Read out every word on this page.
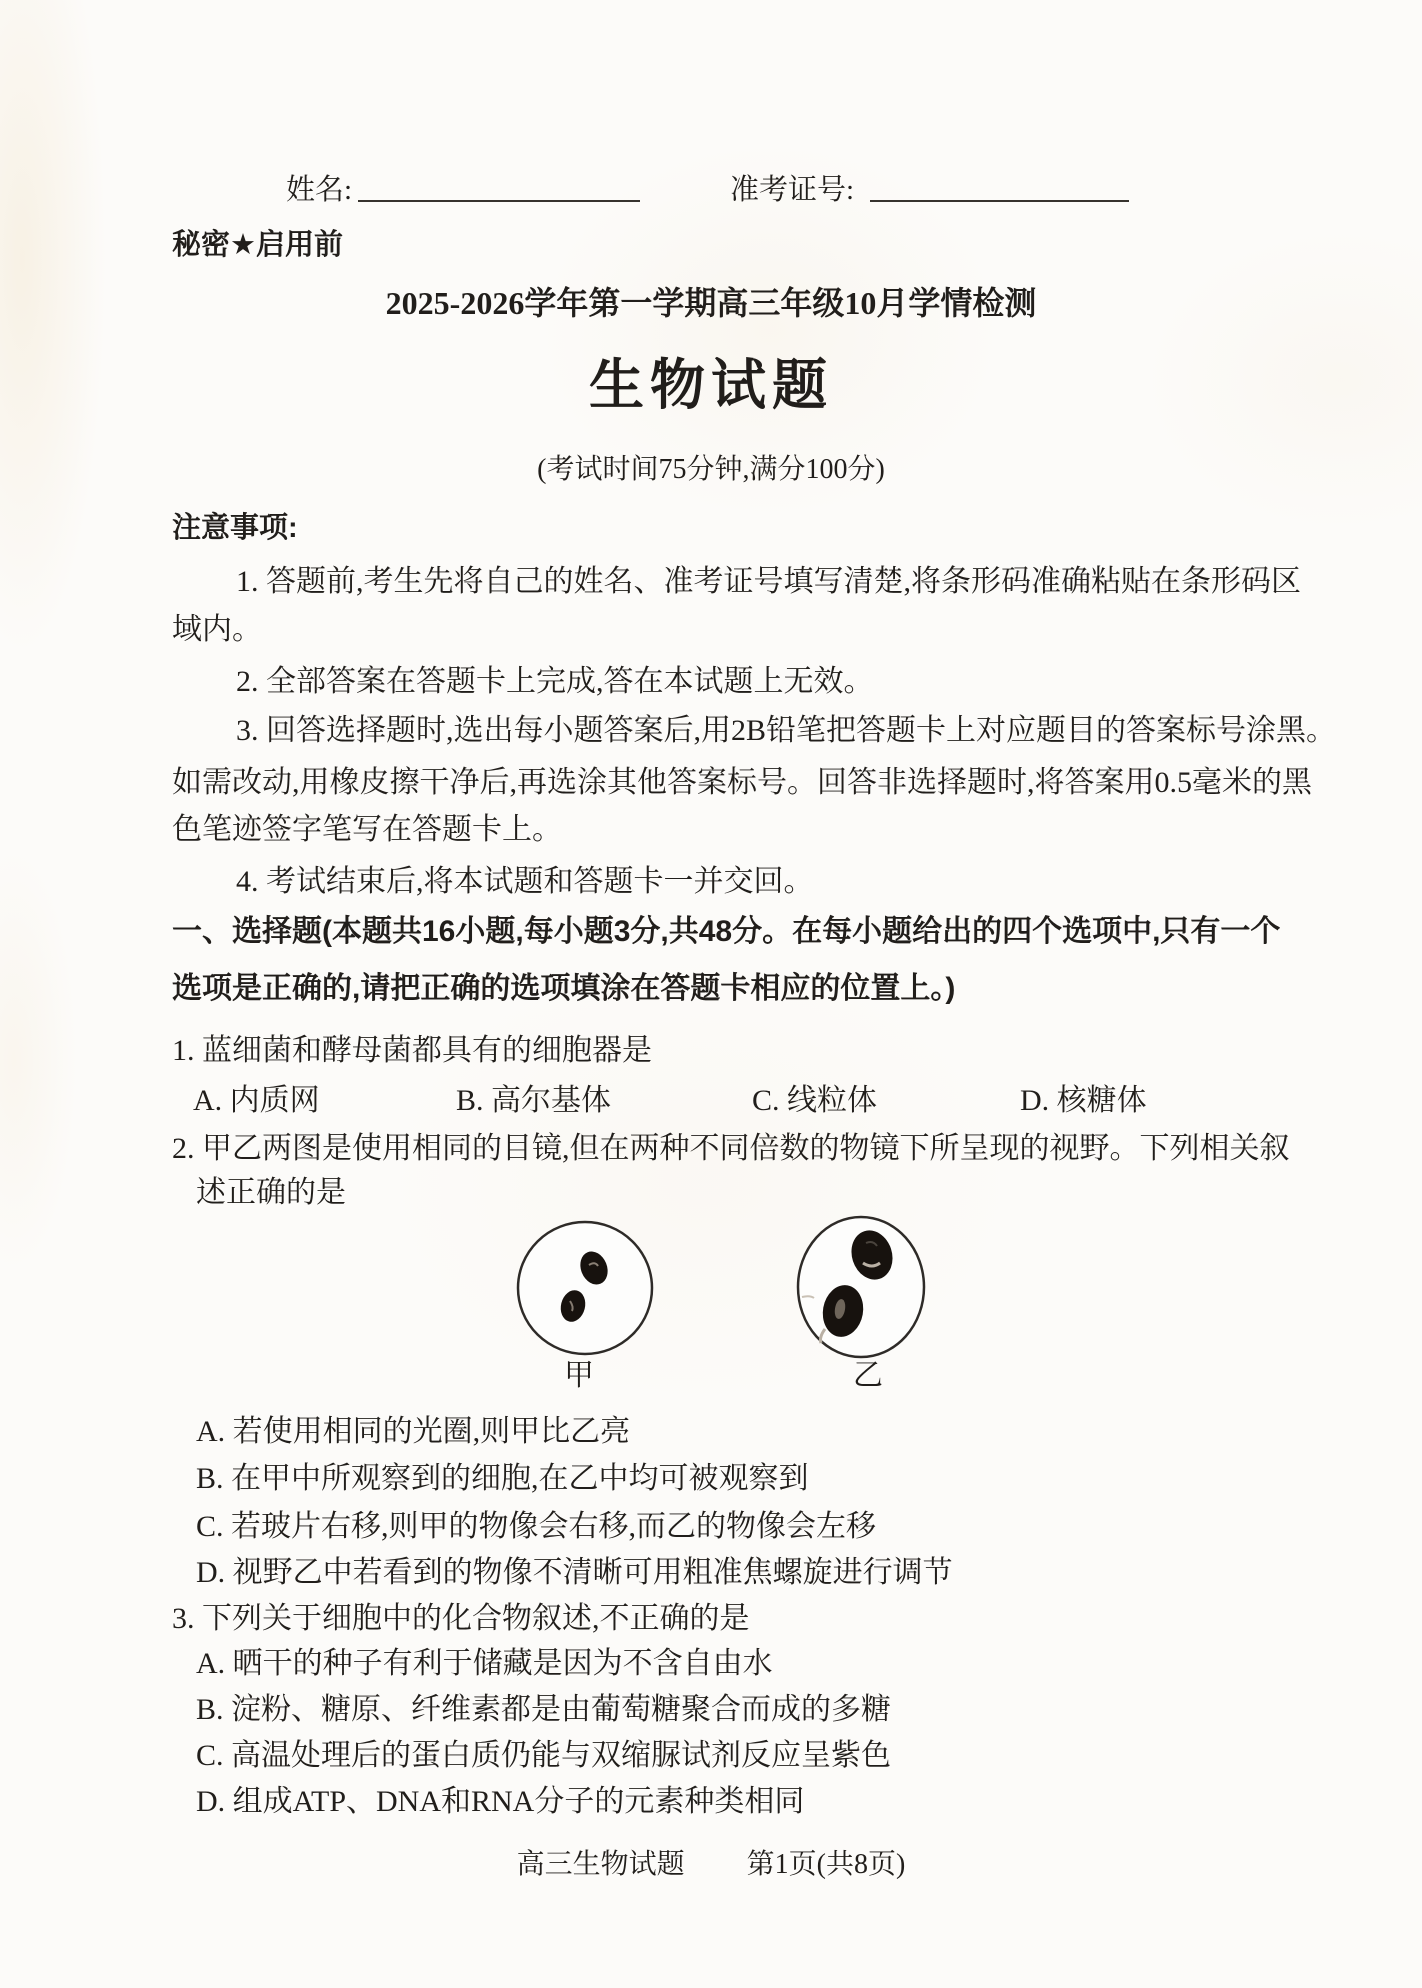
姓名:	准考证号:
秘密★启用前
2025-2026学年第一学期高三年级10月学情检测
生物试题
(考试时间75分钟,满分100分)
注意事项:
1. 答题前,考生先将自己的姓名、准考证号填写清楚,将条形码准确粘贴在条形码区
域内。
2. 全部答案在答题卡上完成,答在本试题上无效。
3. 回答选择题时,选出每小题答案后,用2B铅笔把答题卡上对应题目的答案标号涂黑。
如需改动,用橡皮擦干净后,再选涂其他答案标号。回答非选择题时,将答案用0.5毫米的黑
色笔迹签字笔写在答题卡上。
4. 考试结束后,将本试题和答题卡一并交回。
一、选择题(本题共16小题,每小题3分,共48分。在每小题给出的四个选项中,只有一个
选项是正确的,请把正确的选项填涂在答题卡相应的位置上。)
1. 蓝细菌和酵母菌都具有的细胞器是
A. 内质网	B. 高尔基体	C. 线粒体	D. 核糖体
2. 甲乙两图是使用相同的目镜,但在两种不同倍数的物镜下所呈现的视野。下列相关叙
述正确的是
甲	乙
A. 若使用相同的光圈,则甲比乙亮
B. 在甲中所观察到的细胞,在乙中均可被观察到
C. 若玻片右移,则甲的物像会右移,而乙的物像会左移
D. 视野乙中若看到的物像不清晰可用粗准焦螺旋进行调节
3. 下列关于细胞中的化合物叙述,不正确的是
A. 晒干的种子有利于储藏是因为不含自由水
B. 淀粉、糖原、纤维素都是由葡萄糖聚合而成的多糖
C. 高温处理后的蛋白质仍能与双缩脲试剂反应呈紫色
D. 组成ATP、DNA和RNA分子的元素种类相同
高三生物试题 第1页(共8页)
